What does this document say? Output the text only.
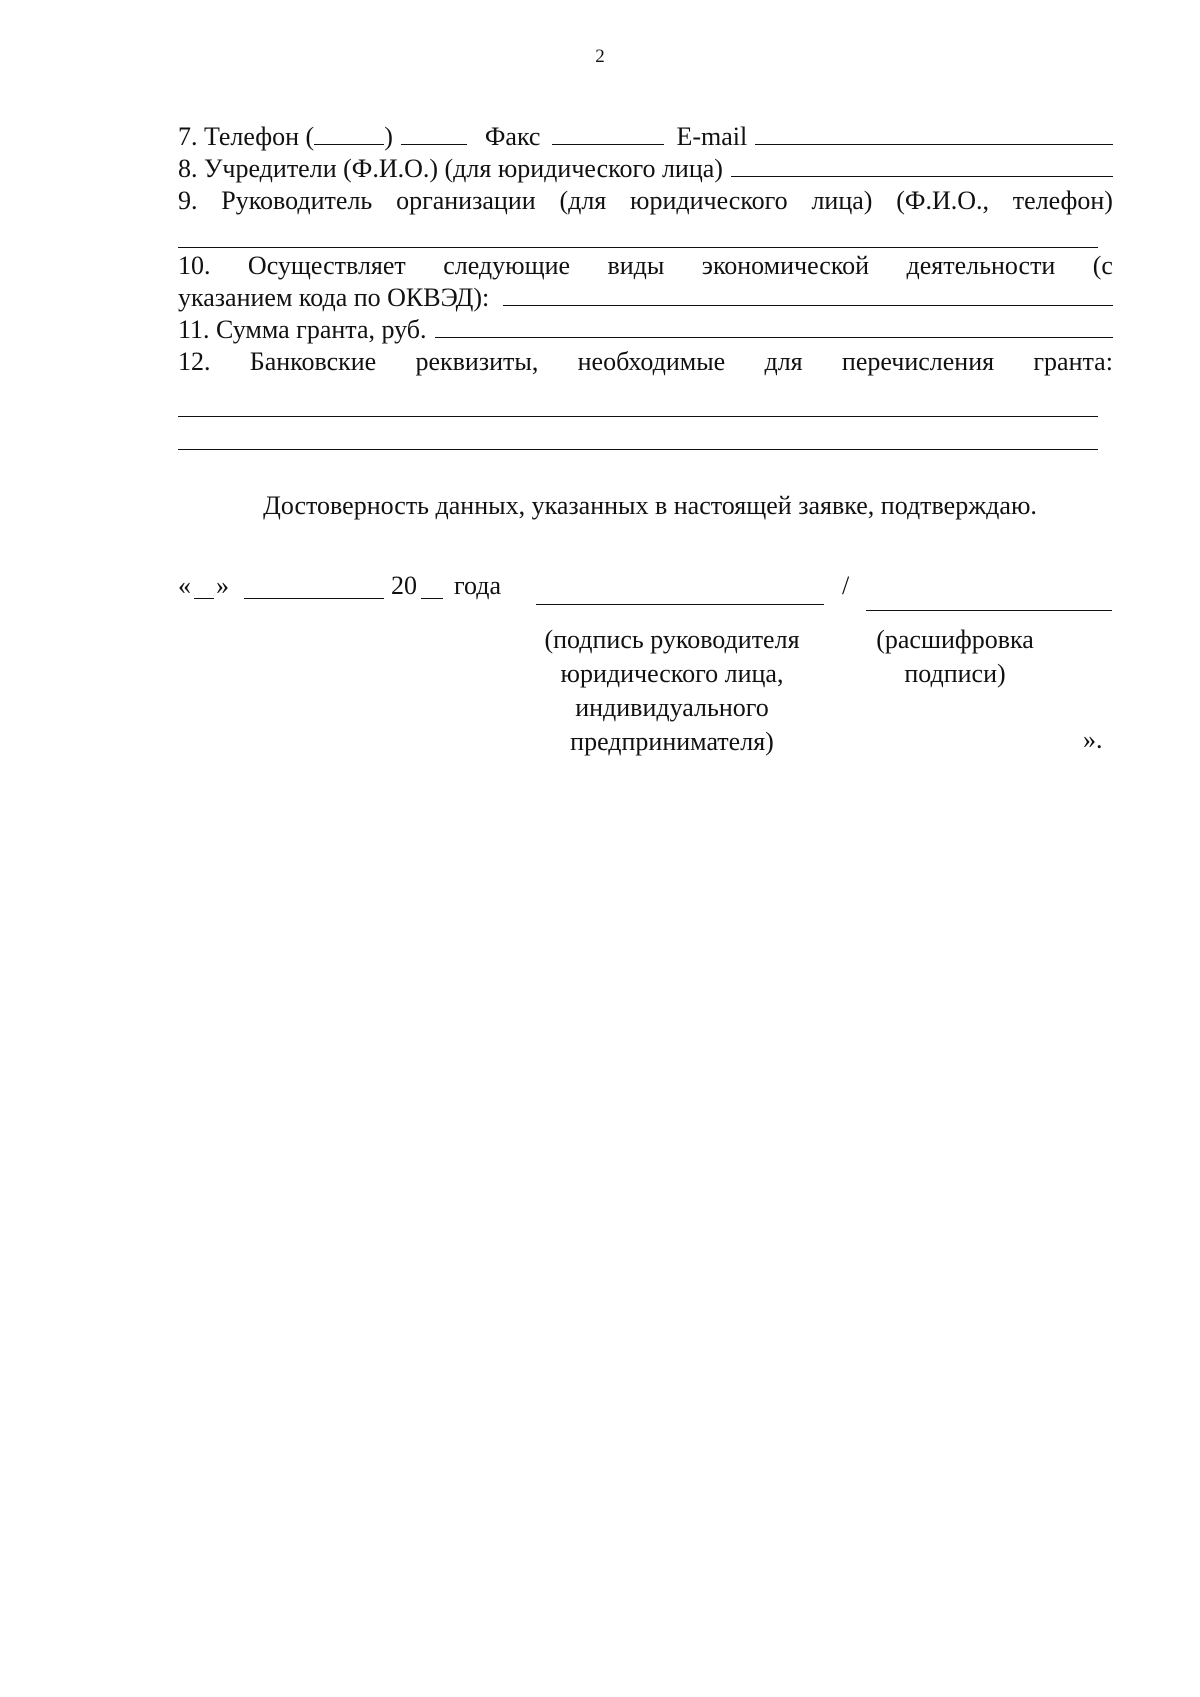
2
7. Телефон (	)	Факс	E-mail
8. Учредители (Ф.И.О.) (для юридического лица)
9. Руководитель организации (для юридического лица) (Ф.И.О., телефон)
10. Осуществляет следующие виды экономической деятельности (с
указанием кода по ОКВЭД):
11. Сумма гранта, руб.
12. Банковские реквизиты, необходимые для перечисления гранта:
Достоверность данных, указанных в настоящей заявке, подтверждаю.
« »	20 года	/
(подпись руководителя
юридического лица,
индивидуального
предпринимателя)
(расшифровка
подписи)
».
